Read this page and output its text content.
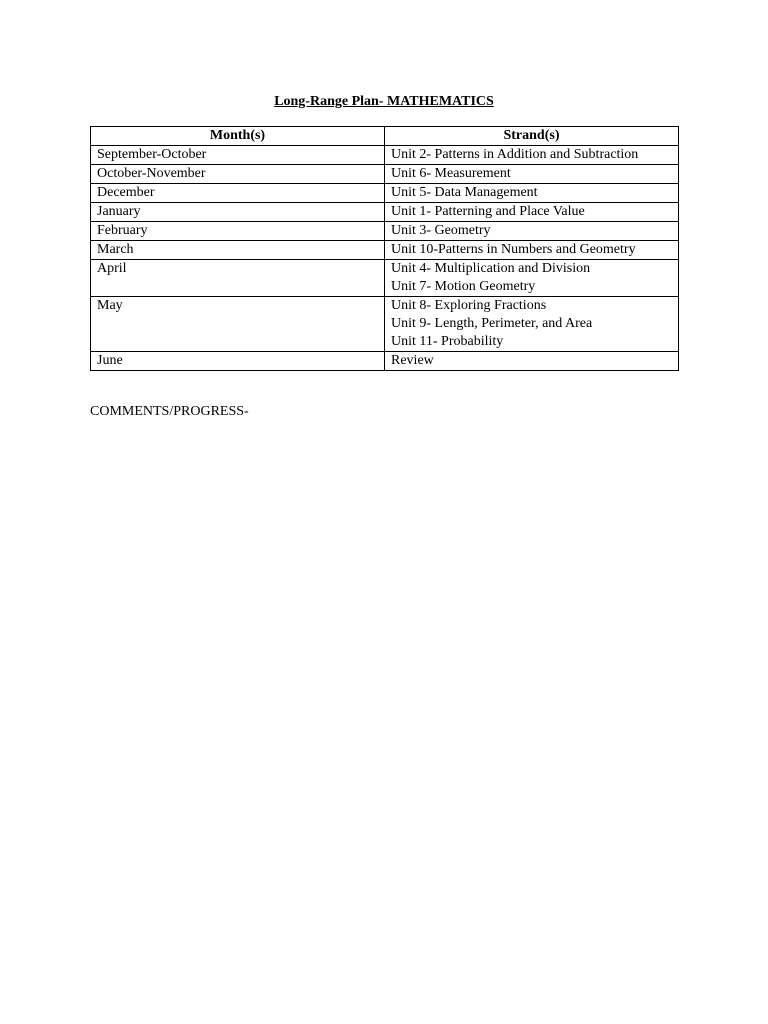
Long-Range Plan- MATHEMATICS
Month(s)	Strand(s)
September-October	Unit 2- Patterns in Addition and Subtraction

October-November	Unit 6- Measurement

December	Unit 5- Data Management

January	Unit 1- Patterning and Place Value

February	Unit 3- Geometry

March	Unit 10-Patterns in Numbers and Geometry

April	Unit 4- Multiplication and Division
Unit 7- Motion Geometry

May	Unit 8- Exploring Fractions
Unit 9- Length, Perimeter, and Area
Unit 11- Probability

June	Review
COMMENTS/PROGRESS-
